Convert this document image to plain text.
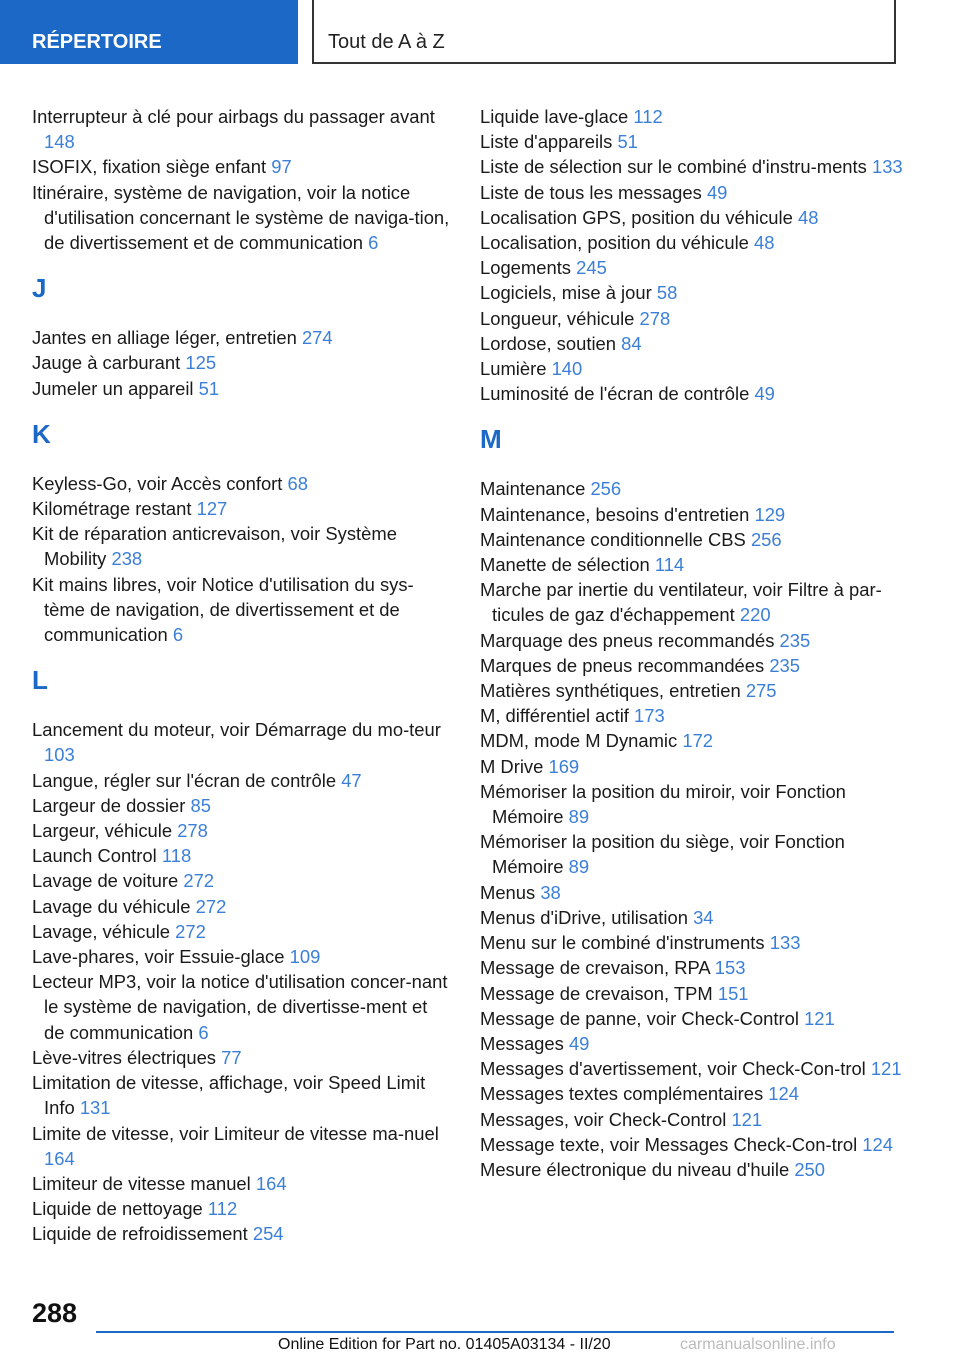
RÉPERTOIRE	Tout de A à Z

Interrupteur à clé pour airbags du passager avant 148

ISOFIX, fixation siège enfant 97

Itinéraire, système de navigation, voir la notice d'utilisation concernant le système de naviga-tion, de divertissement et de communication 6

J

Jantes en alliage léger, entretien 274

Jauge à carburant 125

Jumeler un appareil 51

K

Keyless-Go, voir Accès confort 68

Kilométrage restant 127

Kit de réparation anticrevaison, voir Système Mobility 238

Kit mains libres, voir Notice d'utilisation du sys-tème de navigation, de divertissement et de communication 6

L

Lancement du moteur, voir Démarrage du mo-teur 103

Langue, régler sur l'écran de contrôle 47

Largeur de dossier 85

Largeur, véhicule 278

Launch Control 118

Lavage de voiture 272

Lavage du véhicule 272

Lavage, véhicule 272

Lave-phares, voir Essuie-glace 109

Lecteur MP3, voir la notice d'utilisation concer-nant le système de navigation, de divertisse-ment et de communication 6

Lève-vitres électriques 77

Limitation de vitesse, affichage, voir Speed Limit Info 131

Limite de vitesse, voir Limiteur de vitesse ma-nuel 164

Limiteur de vitesse manuel 164

Liquide de nettoyage 112

Liquide de refroidissement 254

Liquide lave-glace 112

Liste d'appareils 51

Liste de sélection sur le combiné d'instru-ments 133

Liste de tous les messages 49

Localisation GPS, position du véhicule 48

Localisation, position du véhicule 48

Logements 245

Logiciels, mise à jour 58

Longueur, véhicule 278

Lordose, soutien 84

Lumière 140

Luminosité de l'écran de contrôle 49

M

Maintenance 256

Maintenance, besoins d'entretien 129

Maintenance conditionnelle CBS 256

Manette de sélection 114

Marche par inertie du ventilateur, voir Filtre à par-ticules de gaz d'échappement 220

Marquage des pneus recommandés 235

Marques de pneus recommandées 235

Matières synthétiques, entretien 275

M, différentiel actif 173

MDM, mode M Dynamic 172

M Drive 169

Mémoriser la position du miroir, voir Fonction Mémoire 89

Mémoriser la position du siège, voir Fonction Mémoire 89

Menus 38

Menus d'iDrive, utilisation 34

Menu sur le combiné d'instruments 133

Message de crevaison, RPA 153

Message de crevaison, TPM 151

Message de panne, voir Check-Control 121

Messages 49

Messages d'avertissement, voir Check-Con-trol 121

Messages textes complémentaires 124

Messages, voir Check-Control 121

Message texte, voir Messages Check-Con-trol 124

Mesure électronique du niveau d'huile 250

288
Online Edition for Part no. 01405A03134 - II/20	carmanualsonline.info
